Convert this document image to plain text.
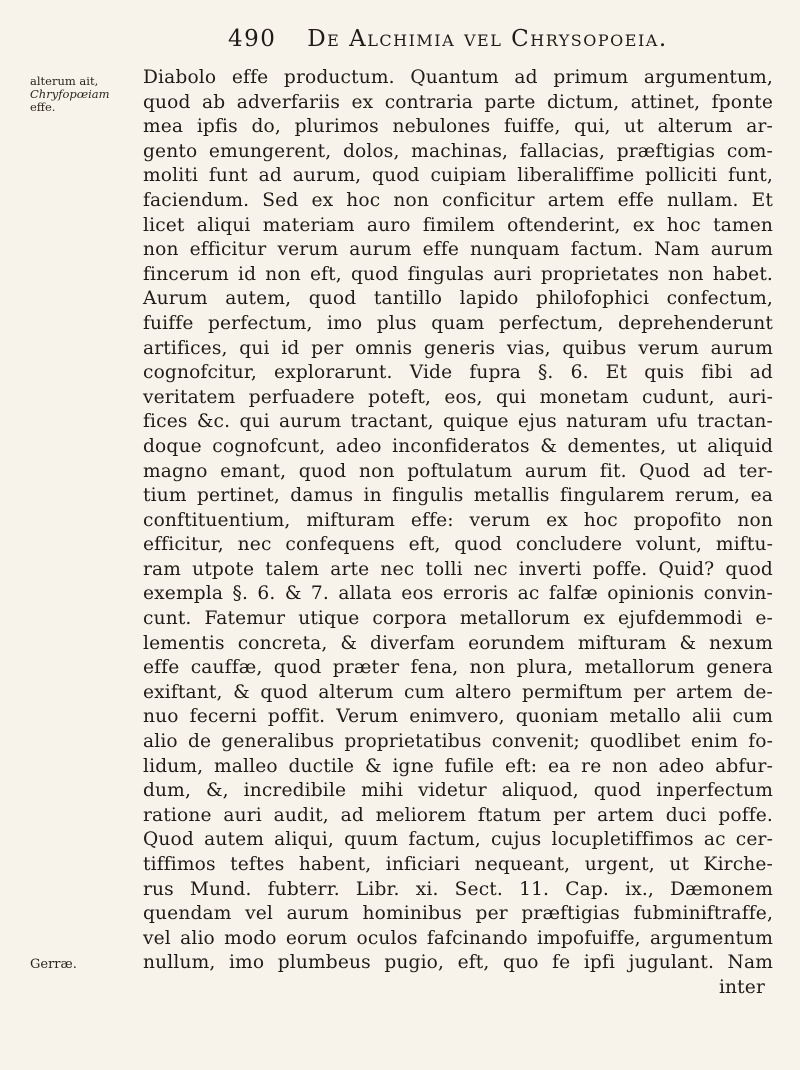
490 De Alchimia vel Chrysopoeia.
alterum ait,
Chryfopœiam
effe.
Gerræ.
Diabolo effe productum. Quantum ad primum argumentum,
quod ab adverfariis ex contraria parte dictum, attinet, fponte
mea ipfis do, plurimos nebulones fuiffe, qui, ut alterum ar-
gento emungerent, dolos, machinas, fallacias, præftigias com-
moliti funt ad aurum, quod cuipiam liberaliffime polliciti funt,
faciendum. Sed ex hoc non conficitur artem effe nullam. Et
licet aliqui materiam auro fimilem oftenderint, ex hoc tamen
non efficitur verum aurum effe nunquam factum. Nam aurum
fincerum id non eft, quod fingulas auri proprietates non habet.
Aurum autem, quod tantillo lapido philofophici confectum,
fuiffe perfectum, imo plus quam perfectum, deprehenderunt
artifices, qui id per omnis generis vias, quibus verum aurum
cognofcitur, explorarunt. Vide fupra §. 6. Et quis fibi ad
veritatem perfuadere poteft, eos, qui monetam cudunt, auri-
fices &c. qui aurum tractant, quique ejus naturam ufu tractan-
doque cognofcunt, adeo inconfideratos & dementes, ut aliquid
magno emant, quod non poftulatum aurum fit. Quod ad ter-
tium pertinet, damus in fingulis metallis fingularem rerum, ea
conftituentium, mifturam effe: verum ex hoc propofito non
efficitur, nec confequens eft, quod concludere volunt, miftu-
ram utpote talem arte nec tolli nec inverti poffe. Quid? quod
exempla §. 6. & 7. allata eos erroris ac falfæ opinionis convin-
cunt. Fatemur utique corpora metallorum ex ejufdemmodi e-
lementis concreta, & diverfam eorundem mifturam & nexum
effe cauffæ, quod præter fena, non plura, metallorum genera
exiftant, & quod alterum cum altero permiftum per artem de-
nuo fecerni poffit. Verum enimvero, quoniam metallo alii cum
alio de generalibus proprietatibus convenit; quodlibet enim fo-
lidum, malleo ductile & igne fufile eft: ea re non adeo abfur-
dum, &, incredibile mihi videtur aliquod, quod inperfectum
ratione auri audit, ad meliorem ftatum per artem duci poffe.
Quod autem aliqui, quum factum, cujus locupletiffimos ac cer-
tiffimos teftes habent, inficiari nequeant, urgent, ut Kirche-
rus Mund. fubterr. Libr. xi. Sect. 11. Cap. ix., Dæmonem
quendam vel aurum hominibus per præftigias fubminiftraffe,
vel alio modo eorum oculos fafcinando impofuiffe, argumentum
nullum, imo plumbeus pugio, eft, quo fe ipfi jugulant. Nam
inter
